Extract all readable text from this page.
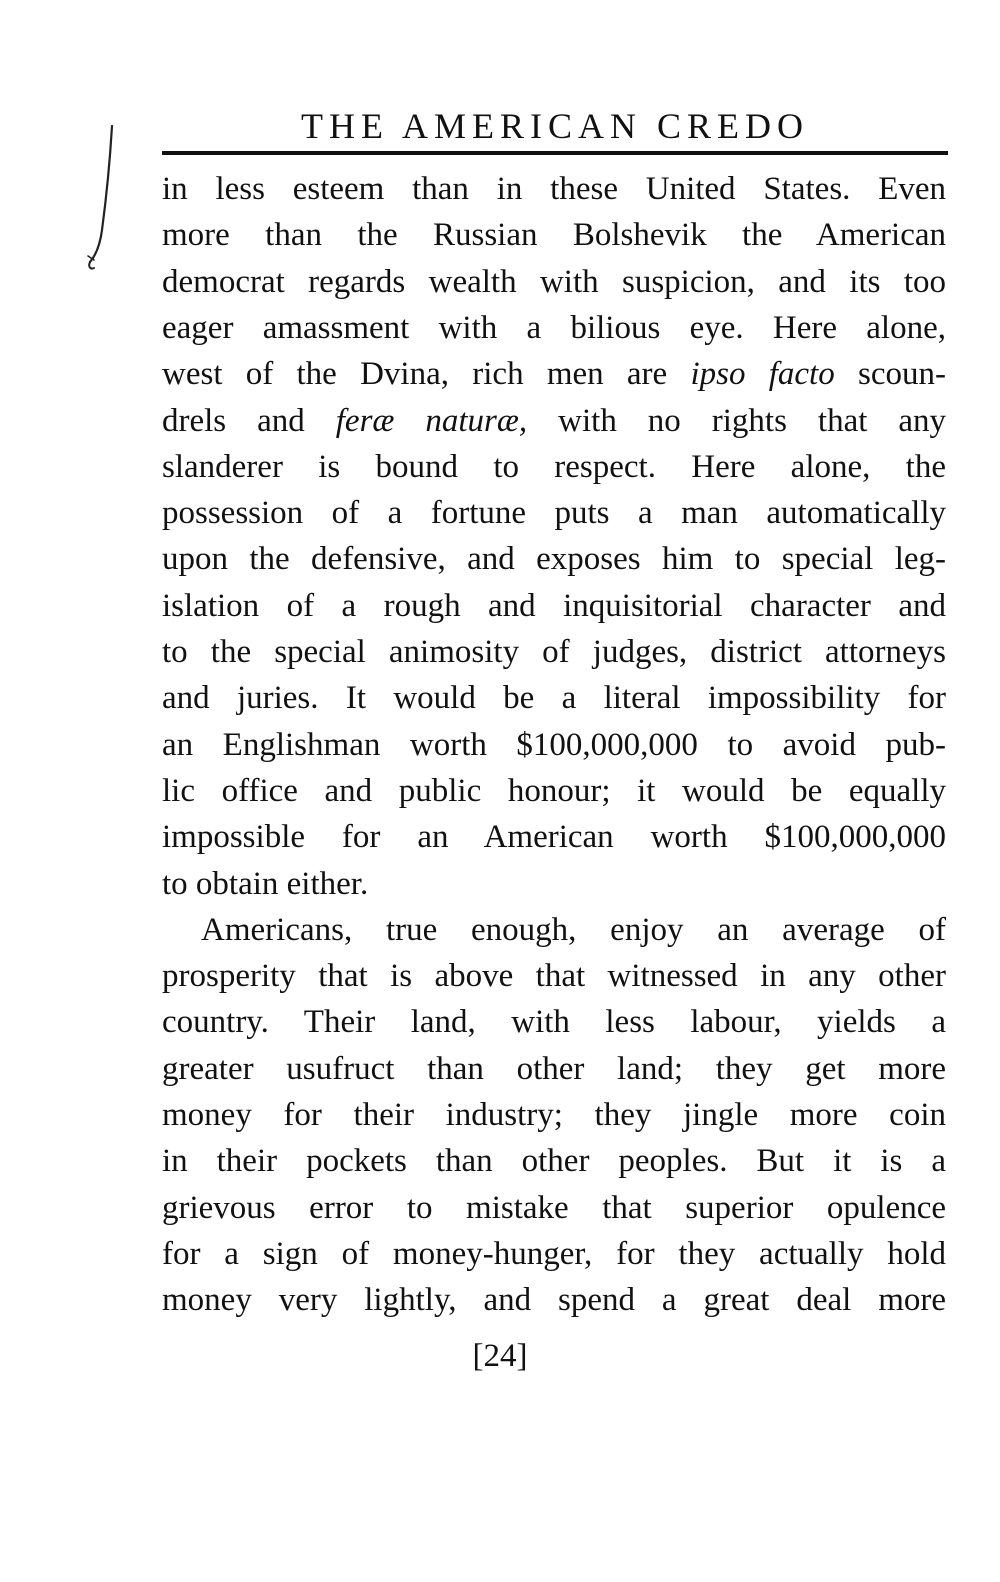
THE AMERICAN CREDO
in less esteem than in these United States. Even
more than the Russian Bolshevik the American
democrat regards wealth with suspicion, and its too
eager amassment with a bilious eye. Here alone,
west of the Dvina, rich men are ipso facto scoun-
drels and feræ naturæ, with no rights that any
slanderer is bound to respect. Here alone, the
possession of a fortune puts a man automatically
upon the defensive, and exposes him to special leg-
islation of a rough and inquisitorial character and
to the special animosity of judges, district attorneys
and juries. It would be a literal impossibility for
an Englishman worth $100,000,000 to avoid pub-
lic office and public honour; it would be equally
impossible for an American worth $100,000,000
to obtain either.
Americans, true enough, enjoy an average of
prosperity that is above that witnessed in any other
country. Their land, with less labour, yields a
greater usufruct than other land; they get more
money for their industry; they jingle more coin
in their pockets than other peoples. But it is a
grievous error to mistake that superior opulence
for a sign of money-hunger, for they actually hold
money very lightly, and spend a great deal more
[24]
